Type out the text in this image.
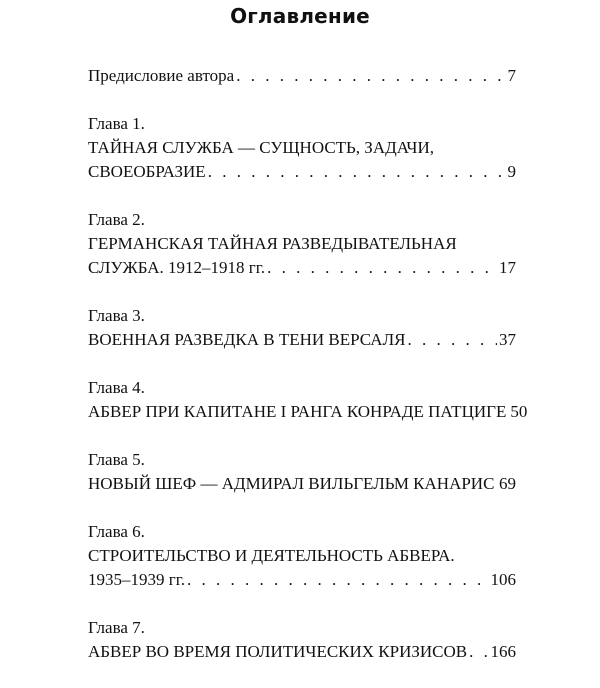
Оглавление
Предисловие автора . . .	7
Глава 1.
ТАЙНАЯ СЛУЖБА — СУЩНОСТЬ, ЗАДАЧИ,
СВОЕОБРАЗИЕ . . .	9
Глава 2.
ГЕРМАНСКАЯ ТАЙНАЯ РАЗВЕДЫВАТЕЛЬНАЯ
СЛУЖБА. 1912–1918 гг. . . .	17
Глава 3.
ВОЕННАЯ РАЗВЕДКА В ТЕНИ ВЕРСАЛЯ . . .	37
Глава 4.
АБВЕР ПРИ КАПИТАНЕ I РАНГА КОНРАДЕ ПАТЦИГЕ 50
Глава 5.
НОВЫЙ ШЕФ — АДМИРАЛ ВИЛЬГЕЛЬМ КАНАРИС . . . 69
Глава 6.
СТРОИТЕЛЬСТВО И ДЕЯТЕЛЬНОСТЬ АБВЕРА.
1935–1939 гг. . . .	106
Глава 7.
АБВЕР ВО ВРЕМЯ ПОЛИТИЧЕСКИХ КРИЗИСОВ . . . 166
